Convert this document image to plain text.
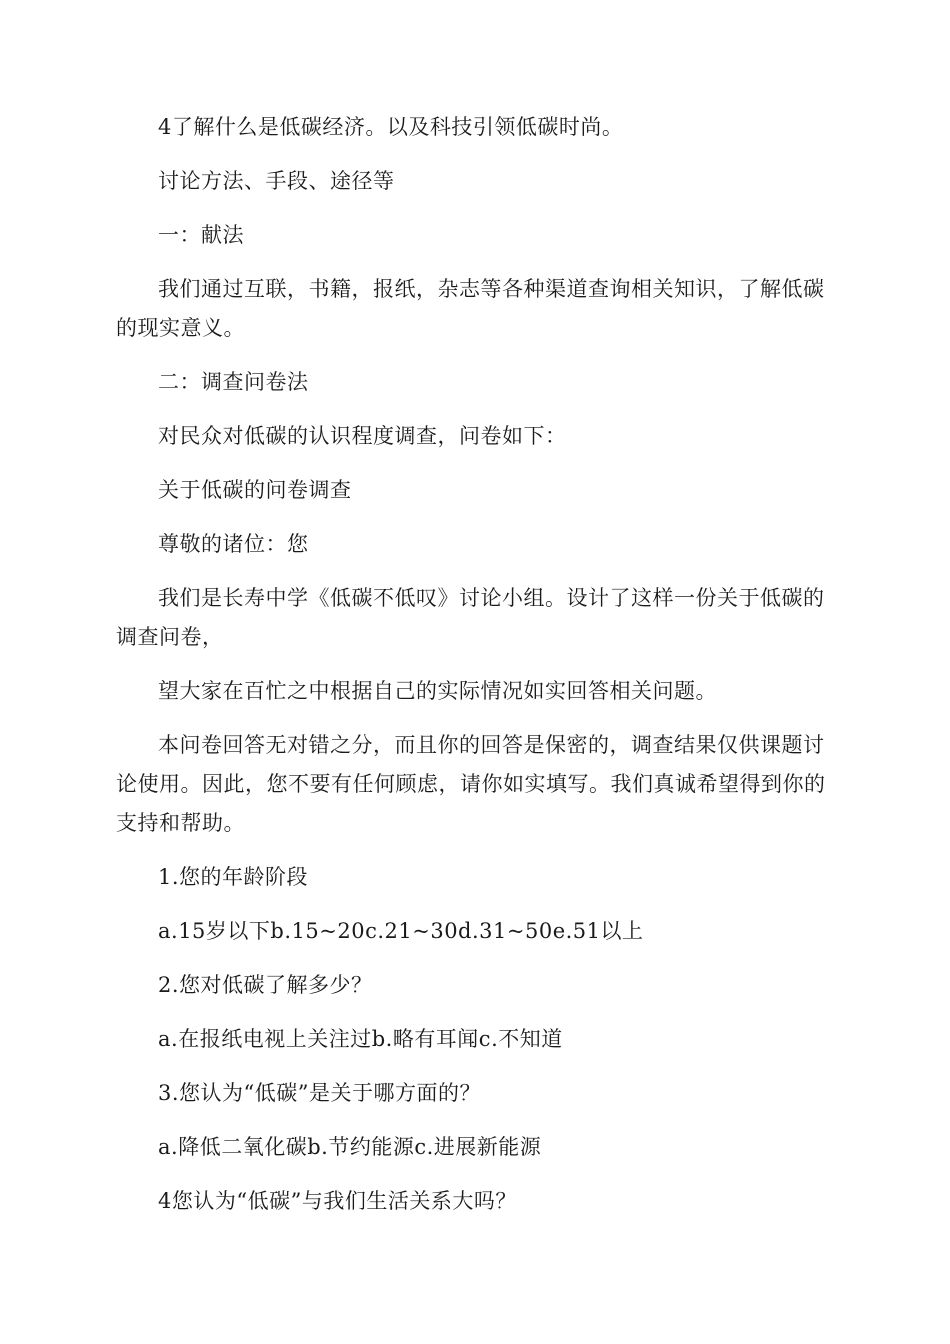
4了解什么是低碳经济。以及科技引领低碳时尚。

讨论方法、手段、途径等

一：献法

我们通过互联，书籍，报纸，杂志等各种渠道查询相关知识，了解低碳的现实意义。

二：调查问卷法

对民众对低碳的认识程度调查，问卷如下：

关于低碳的问卷调查

尊敬的诸位：您

我们是长寿中学《低碳不低叹》讨论小组。设计了这样一份关于低碳的调查问卷，

望大家在百忙之中根据自己的实际情况如实回答相关问题。

本问卷回答无对错之分，而且你的回答是保密的，调查结果仅供课题讨论使用。因此，您不要有任何顾虑，请你如实填写。我们真诚希望得到你的支持和帮助。

1.您的年龄阶段

a.15岁以下b.15~20c.21~30d.31~50e.51以上

2.您对低碳了解多少？

a.在报纸电视上关注过b.略有耳闻c.不知道

3.您认为“低碳”是关于哪方面的？

a.降低二氧化碳b.节约能源c.进展新能源

4您认为“低碳”与我们生活关系大吗？
